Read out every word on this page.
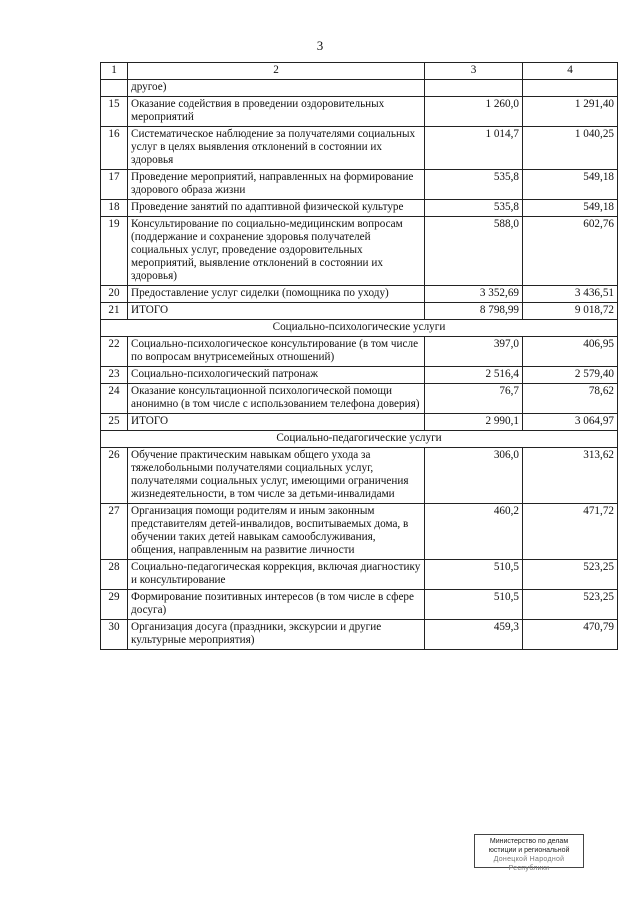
3
1	2	3	4
	другое)		
15	Оказание содействия в проведении оздоровительных мероприятий	1 260,0	1 291,40
16	Систематическое наблюдение за получателями социальных услуг в целях выявления отклонений в состоянии их здоровья	1 014,7	1 040,25
17	Проведение мероприятий, направленных на формирование здорового образа жизни	535,8	549,18
18	Проведение занятий по адаптивной физической культуре	535,8	549,18
19	Консультирование по социально-медицинским вопросам (поддержание и сохранение здоровья получателей социальных услуг, проведение оздоровительных мероприятий, выявление отклонений в состоянии их здоровья)	588,0	602,76
20	Предоставление услуг сиделки (помощника по уходу)	3 352,69	3 436,51
21	ИТОГО	8 798,99	9 018,72
Социально-психологические услуги			
22	Социально-психологическое консультирование (в том числе по вопросам внутрисемейных отношений)	397,0	406,95
23	Социально-психологический патронаж	2 516,4	2 579,40
24	Оказание консультационной психологической помощи анонимно (в том числе с использованием телефона доверия)	76,7	78,62
25	ИТОГО	2 990,1	3 064,97
Социально-педагогические услуги			
26	Обучение практическим навыкам общего ухода за тяжелобольными получателями социальных услуг, получателями социальных услуг, имеющими ограничения жизнедеятельности, в том числе за детьми-инвалидами	306,0	313,62
27	Организация помощи родителям и иным законным представителям детей-инвалидов, воспитываемых дома, в обучении таких детей навыкам самообслуживания, общения, направленным на развитие личности	460,2	471,72
28	Социально-педагогическая коррекция, включая диагностику и консультирование	510,5	523,25
29	Формирование позитивных интересов (в том числе в сфере досуга)	510,5	523,25
30	Организация досуга (праздники, экскурсии и другие культурные мероприятия)	459,3	470,79
Министерство по делам
юстиции и региональной
Донецкой Народной Республики
